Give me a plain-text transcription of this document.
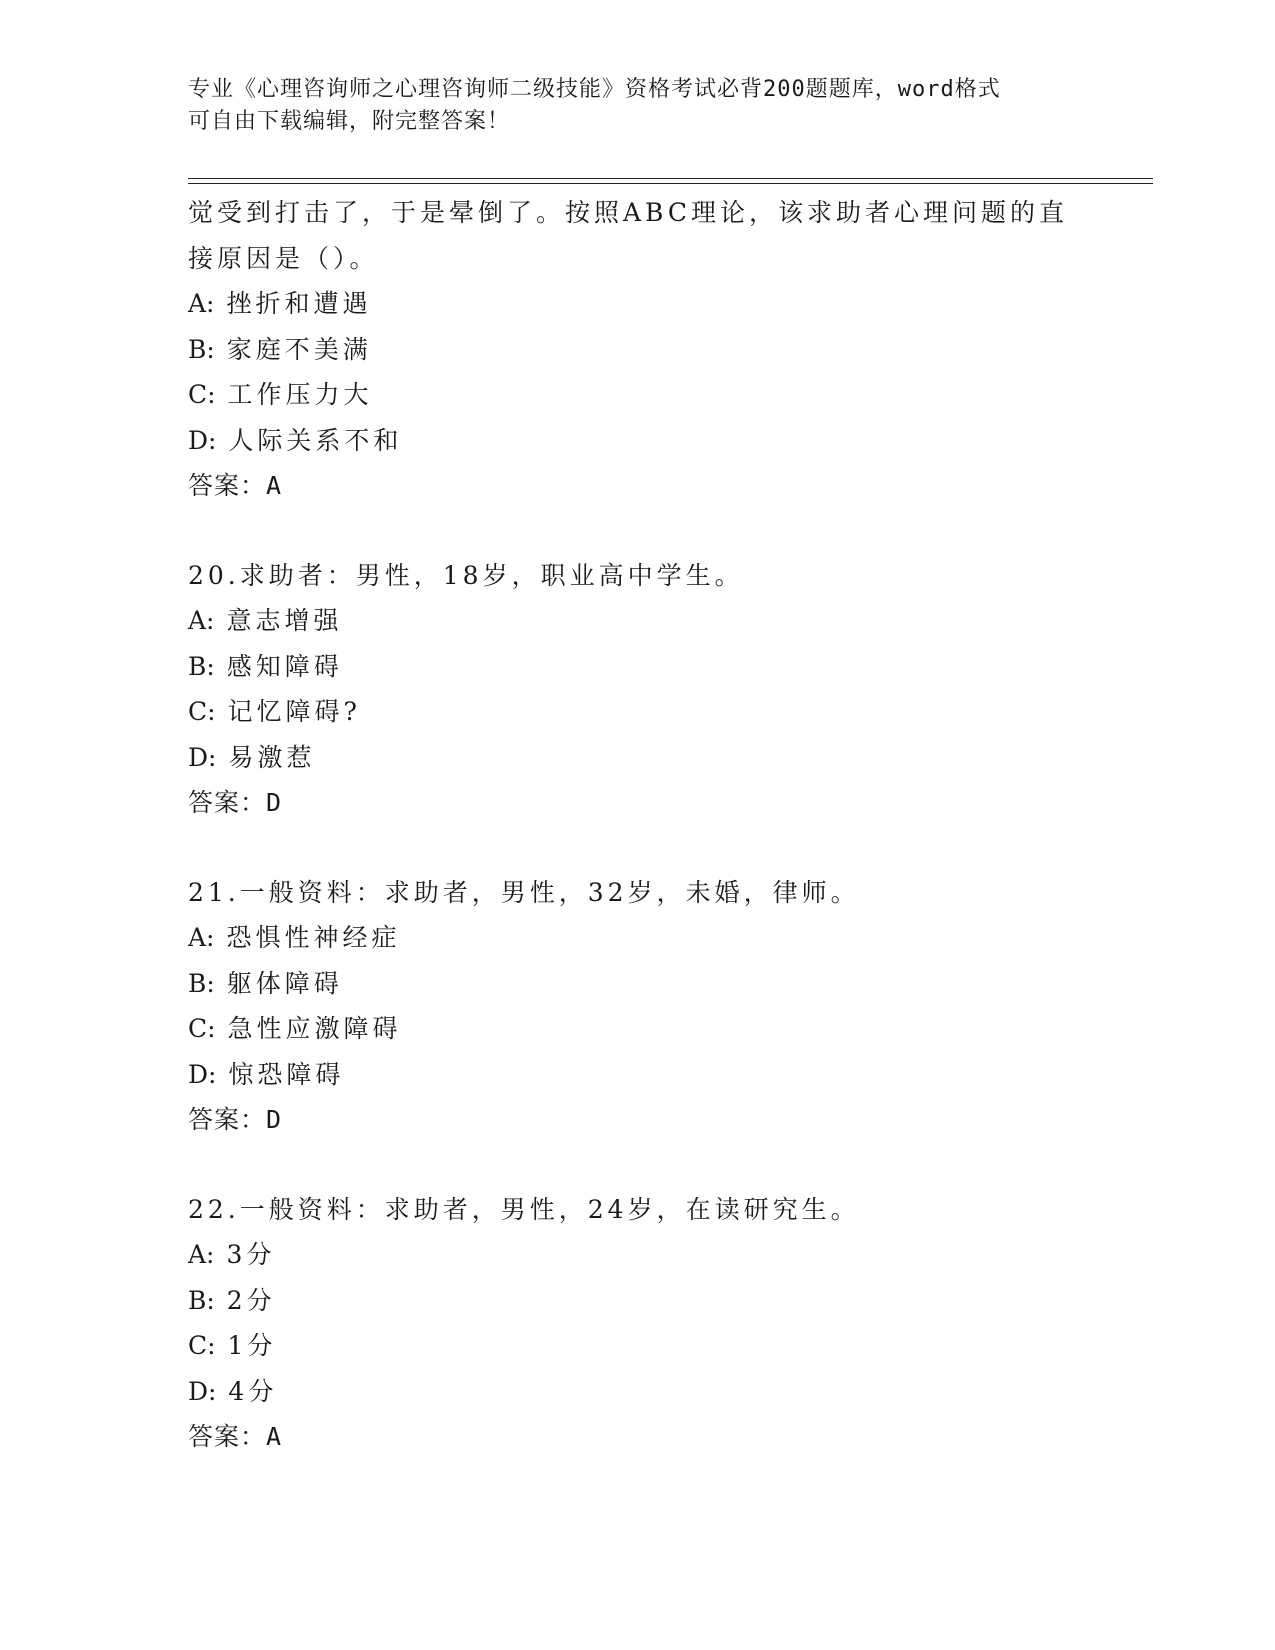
专业《心理咨询师之心理咨询师二级技能》资格考试必背200题题库，word格式
可自由下载编辑，附完整答案！
觉受到打击了，于是晕倒了。按照ABC理论，该求助者心理问题的直
接原因是（）。
A: 挫折和遭遇
B: 家庭不美满
C: 工作压力大
D: 人际关系不和
答案：A
20.求助者：男性，18岁，职业高中学生。
A: 意志增强
B: 感知障碍
C: 记忆障碍?
D: 易激惹
答案：D
21.一般资料：求助者，男性，32岁，未婚，律师。
A: 恐惧性神经症
B: 躯体障碍
C: 急性应激障碍
D: 惊恐障碍
答案：D
22.一般资料：求助者，男性，24岁，在读研究生。
A: 3分
B: 2分
C: 1分
D: 4分
答案：A
